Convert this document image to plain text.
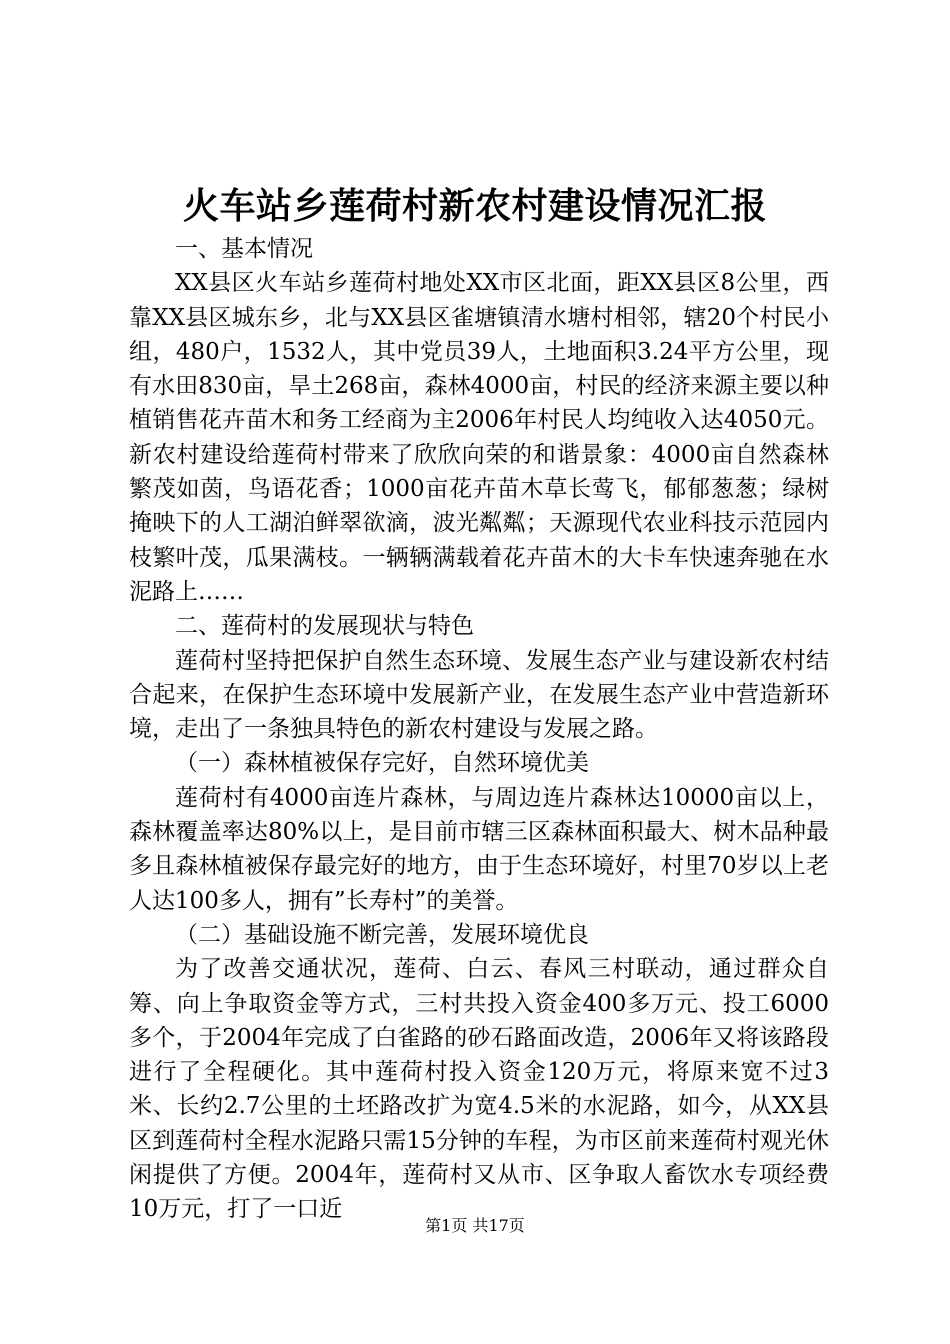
火车站乡莲荷村新农村建设情况汇报

一、基本情况

XX县区火车站乡莲荷村地处XX市区北面，距XX县区8公里，西靠XX县区城东乡，北与XX县区雀塘镇清水塘村相邻，辖20个村民小组，480户，1532人，其中党员39人，土地面积3.24平方公里，现有水田830亩，旱土268亩，森林4000亩，村民的经济来源主要以种植销售花卉苗木和务工经商为主2006年村民人均纯收入达4050元。新农村建设给莲荷村带来了欣欣向荣的和谐景象：4000亩自然森林繁茂如茵，鸟语花香；1000亩花卉苗木草长莺飞，郁郁葱葱；绿树掩映下的人工湖泊鲜翠欲滴，波光粼粼；天源现代农业科技示范园内枝繁叶茂，瓜果满枝。一辆辆满载着花卉苗木的大卡车快速奔驰在水泥路上……

二、莲荷村的发展现状与特色

莲荷村坚持把保护自然生态环境、发展生态产业与建设新农村结合起来，在保护生态环境中发展新产业，在发展生态产业中营造新环境，走出了一条独具特色的新农村建设与发展之路。

（一）森林植被保存完好，自然环境优美

莲荷村有4000亩连片森林，与周边连片森林达10000亩以上，森林覆盖率达80%以上，是目前市辖三区森林面积最大、树木品种最多且森林植被保存最完好的地方，由于生态环境好，村里70岁以上老人达100多人，拥有”长寿村”的美誉。

（二）基础设施不断完善，发展环境优良

为了改善交通状况，莲荷、白云、春风三村联动，通过群众自筹、向上争取资金等方式，三村共投入资金400多万元、投工6000多个，于2004年完成了白雀路的砂石路面改造，2006年又将该路段进行了全程硬化。其中莲荷村投入资金120万元，将原来宽不过3米、长约2.7公里的土坯路改扩为宽4.5米的水泥路，如今，从XX县区到莲荷村全程水泥路只需15分钟的车程，为市区前来莲荷村观光休闲提供了方便。2004年，莲荷村又从市、区争取人畜饮水专项经费10万元，打了一口近

第1页 共17页
